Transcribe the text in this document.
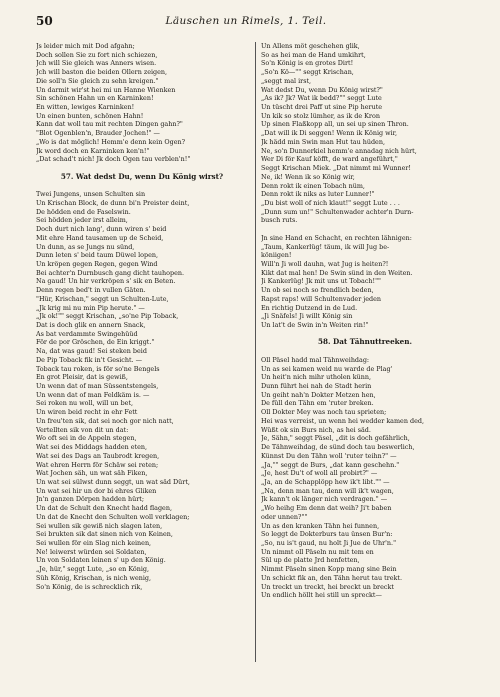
50	Läuschen un Rimels, 1. Teil.
Js leider mich mit Dod afgahn;
Doch sollen Sie zu fort nich schiezen,
Jch will Sie gleich was Anners wisen.
Jch will baston die beiden Ollern zeigen,
Die soll'n Sie gleich zu sehn kreigen."
Un darmit wir'st hei mi un Hanne Wienken
Sin schönen Hahn un en Karninken!
En witten, lewiges Karninken!
Un einen bunten, schönen Hahn!
Kann dat woll tau mit rechten Dingen gahn?"
"Blot Ogenblen'n, Brauder Jochen!" —
„Wo is dat möglich! Hemm'e denn kein Ogen?
Jk word doch en Karninken ken'n!"
„Dat schad't nich! Jk doch Ogen tau verblen'n!"
57. Wat dedst Du, wenn Du König wirst?
Twei Jungens, unsen Schulten sin
Un Krischan Block, de dunn bi'n Preister deint,
De hödden end de Faselswin.
Sei hödden jeder irst alleim,
Doch durt nich lang', dunn wiren s' beid
Mit ehre Hand tausamen up de Scheid,
Un dunn, as se Jungs nu sünd,
Dunn leten s' beid taum Düwel lopen,
Un kröpen gegen Regen, gegen Wind
Bei achter'n Durnbusch gang dicht tauhopen.
Na gaud! Un hir verkröpen s' sik en Beten.
Denn regen bed't in vullen Gäten.
"Hür, Krischan," seggt un Schulten-Lute,
„Jk krig mi nu min Pip herute." —
„Jk ok!"" seggt Krischan, „so'ne Pip Toback,
Dat is doch glik en annern Snack,
As bat verdammte Swingehüüd
För de por Gröschen, de Ein kriggt."
Na, dat was gaud! Sei steken beid
De Pip Toback fik in't Gesicht. —
Toback tau roken, is för so'ne Bengels
En grot Pleisir, dat is gewiß,
Un wenn dat of man Süssentstengels,
Un wenn dat of man Feldkäm is. —
Sei roken nu woll, will un bet,
Un wiren beid recht in ehr Fett
Un freu'ten sik, dat sei noch gor nich natt,
Vertellten sik von dit un dat:
Wo oft sei in de Appeln stegen,
Wat sei des Middags hadden eten,
Wat sei des Dags an Taubrodt kregen,
Wat ehren Herrn för Schäw sei reten;
Wat Jochen säh, un wat säh Fiken,
Un wat sei sülwst dunn seggt, un wat säd Dürt,
Un wat sei hir un dor bi ehres Gliken
Jn'n ganzen Dörpen hadden hürt;
Un dat de Schult den Knecht hadd flagen,
Un dat de Knecht den Schulten woll verklagen;
Sei wullen sik gewiß nich slagen laten,
Sei brukten sik dat sinen nich von Keinen,
Sei wullen för ein Slag nich keinen,
Ne! leiwerst würden sei Soldaten,
Un von Soldaten leinen s' up den König.
„Je, hür," seggt Lute, „so en König,
Süh König, Krischan, is nich wenig,
So'n König, de is schrecklich rik,
Un Allens möt geschehen glik,
So as hei man de Hand umkihrt,
So'n König is en grotes Dirt!
„So'n Kö—"" seggt Krischan,
„seggt mal irst,
Wat dedst Du, wenn Du König wirst?"
„As ik? Jk? Wat ik bedd?"" seggt Lute
Un tüscht drei Paff ut sine Pip herute
Un kik so stolz lümher, as ik de Kron
Up sinen Flaßkopp all, un sei up sinen Thron.
„Dat will ik Di seggen! Wenn ik König wir,
Jk hädd min Swin man Hut tau hüden,
Ne, so'n Dunnerkiel hemm'e annadag nich hürt,
Wer Di för Kauf köfft, de ward angeführt,"
Seggt Krischan Miek. „Dat nimmt mi Wunner!
Ne, ik! Wenn ik so König wir,
Denn rokt ik einen Tobach nüm,
Denn rokt ik niks as luter Lunner!"
„Du bist woll of nich klaut!" seggt Lute . . .
„Dunn sum un!" Schultenwader achter'n Durn-
busch ruts.
Jn sine Hand en Schacht, en rechten lähnigen:
„Taum, Kankerlüg! täum, ik will Jug be-
köniigen!
Will'n Ji woll dauhn, wat Jug is heiten?!
Kikt dat mal hen! De Swin sünd in den Weiten.
Ji Kankerlüg! Jk mit uns ut Tobach!""
Un ob sei noch so frendlich beden,
Rapst raps! will Schultenvader jeden
En richtig Dutzend in de Lud.
„Ji Snäfels! Ji willt König sin
Un lat't de Swin in'n Weiten rin!"
58. Dat Tähnuttreeken.
Oll Päsel hadd mal Tähnweihdag:
Un as sei kamen weid nu warde de Plag'
Un heit'n nich mihr utholen künn,
Dunn führt hei nah de Stadt herin
Un geiht nah'n Dokter Metzen hen,
De füll den Tähn em 'ruter breken.
Oll Dokter Mey was noch tau sprieten;
Hei was verreist, un wenn hei wedder kamen ded,
Wüßt ok sin Burs nich, as hei säd.
Je, Sähn," seggt Päsel, „dit is doch gefährlich,
De Tähnweihdag, de sünd doch tau beswerlich,
Künnst Du den Tähn woll 'ruter teihn?" —
„Ja,"" seggt de Burs, „dat kann geschehn."
„Je, hest Du't of woll all probirt?" —
„Ja, an de Schapplöpp hew ik't libt."" —
„Na, denn man tau, denn will ik't wagen,
Jk kann't ok länger nich verdragen." —
„Wo heihg Em denn dat weih? Ji't baben
oder unnen?""
Un as den kranken Tähn hei funnen,
So leggt de Dokterburs tau ünsen Bur'n:
„So, nu is't gaud, nu holt Ji Jue de Uhr'n."
Un nimmt oll Päseln nu mit tem en
Sül up de platte Jrd henfetten,
Nimmt Päseln sinen Kopp mang sine Bein
Un schickt fik an, den Tähn herut tau trekt.
Un treckt un treckt, hei breckt un breckt
Un endlich höllt hei still un spreckt—
